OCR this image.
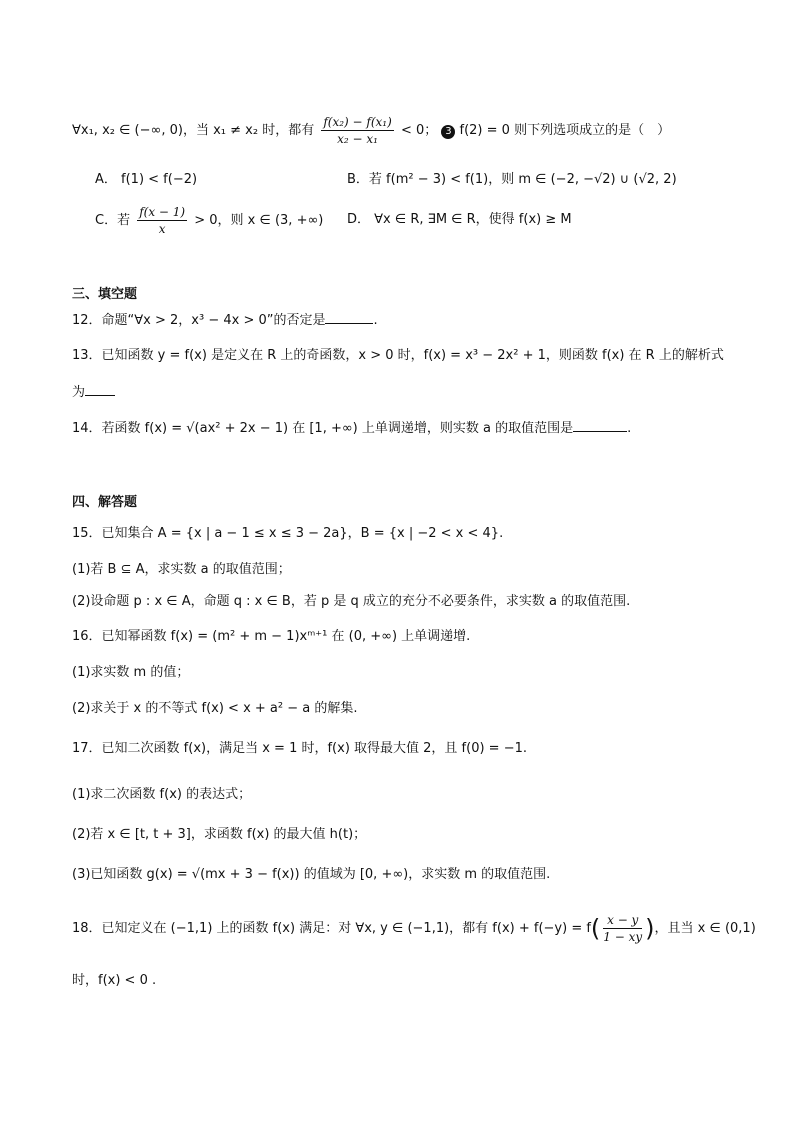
∀x₁, x₂ ∈ (−∞, 0)，当 x₁ ≠ x₂ 时，都有 $\frac{\text{f(x₂) − f(x₁)}}{\text{x₂ − x₁}} < 0$； 3 f(2) = 0 则下列选项成立的是（　）
A． f(1) < f(−2)	B．若 f(m² − 3) < f(1)，则 m ∈ (−2, −√2) ∪ (√2, 2)
C．若 $\frac{f(x - 1)}{x} > 0$，则 x ∈ (3, +∞) D． ∀x ∈ R, ∃M ∈ R，使得 f(x) ≥ M
三、填空题
12．命题“∀x > 2，x³ − 4x > 0”的否定是	.
13．已知函数 y = f(x) 是定义在 R 上的奇函数，x > 0 时，f(x) = x³ − 2x² + 1，则函数 f(x) 在 R 上的解析式
为
14．若函数 f(x) = √(ax² + 2x − 1) 在 [1, +∞) 上单调递增，则实数 a 的取值范围是	.
四、解答题
15．已知集合 A = {x | a − 1 ≤ x ≤ 3 − 2a}，B = {x | −2 < x < 4}.
(1)若 B ⊆ A，求实数 a 的取值范围；
(2)设命题 p : x ∈ A，命题 q : x ∈ B，若 p 是 q 成立的充分不必要条件，求实数 a 的取值范围.
16．已知幂函数 f(x) = (m² + m − 1)xᵐ⁺¹ 在 (0, +∞) 上单调递增.
(1)求实数 m 的值；
(2)求关于 x 的不等式 f(x) < x + a² − a 的解集.
17．已知二次函数 f(x)，满足当 x = 1 时，f(x) 取得最大值 2，且 f(0) = −1.
(1)求二次函数 f(x) 的表达式；
(2)若 x ∈ [t, t + 3]，求函数 f(x) 的最大值 h(t)；
(3)已知函数 g(x) = √(mx + 3 − f(x)) 的值域为 [0, +∞)，求实数 m 的取值范围.
18．已知定义在 (−1,1) 上的函数 f(x) 满足：对 ∀x, y ∈ (−1,1)，都有 $f(x) + f(-y) = f( \frac{x - y}{1 - xy}$ )，且当 x ∈ (0,1)
时，f(x) < 0 .
